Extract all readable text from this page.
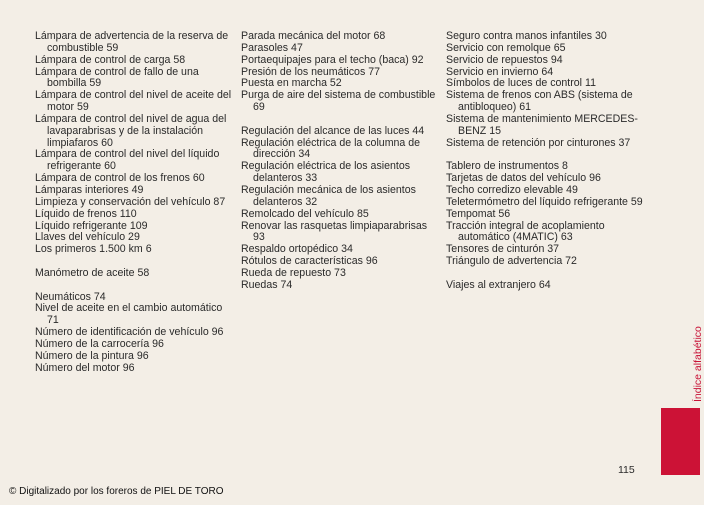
Lámpara de advertencia de la reserva de combustible 59
Lámpara de control de carga 58
Lámpara de control de fallo de una bombilla 59
Lámpara de control del nivel de aceite del motor 59
Lámpara de control del nivel de agua del lavaparabrisas y de la instalación limpiafaros 60
Lámpara de control del nivel del líquido refrigerante 60
Lámpara de control de los frenos 60
Lámparas interiores 49
Limpieza y conservación del vehículo 87
Líquido de frenos 110
Líquido refrigerante 109
Llaves del vehículo 29
Los primeros 1.500 km 6
Manómetro de aceite 58
Neumáticos 74
Nivel de aceite en el cambio automático 71
Número de identificación de vehículo 96
Número de la carrocería 96
Número de la pintura 96
Número del motor 96
Parada mecánica del motor 68
Parasoles 47
Portaequipajes para el techo (baca) 92
Presión de los neumáticos 77
Puesta en marcha 52
Purga de aire del sistema de combustible 69
Regulación del alcance de las luces 44
Regulación eléctrica de la columna de dirección 34
Regulación eléctrica de los asientos delanteros 33
Regulación mecánica de los asientos delanteros 32
Remolcado del vehículo 85
Renovar las rasquetas limpiaparabrisas 93
Respaldo ortopédico 34
Rótulos de características 96
Rueda de repuesto 73
Ruedas 74
Seguro contra manos infantiles 30
Servicio con remolque 65
Servicio de repuestos 94
Servicio en invierno 64
Símbolos de luces de control 11
Sistema de frenos con ABS (sistema de antibloqueo) 61
Sistema de mantenimiento MERCEDES-BENZ 15
Sistema de retención por cinturones 37
Tablero de instrumentos 8
Tarjetas de datos del vehículo 96
Techo corredizo elevable 49
Teletermómetro del líquido refrigerante 59
Tempomat 56
Tracción integral de acoplamiento automático (4MATIC) 63
Tensores de cinturón 37
Triángulo de advertencia 72
Viajes al extranjero 64
Índice alfabético
115
© Digitalizado por los foreros de PIEL DE TORO
